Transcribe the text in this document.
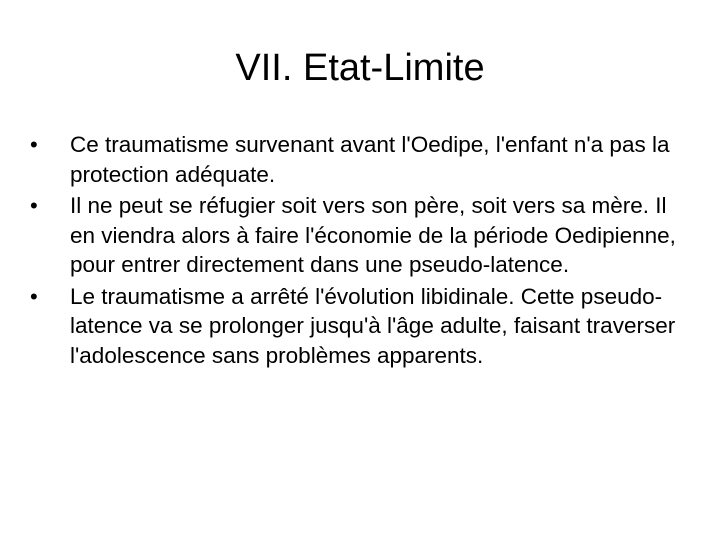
VII. Etat-Limite
•	Ce traumatisme survenant avant l'Oedipe, l'enfant n'a pas la protection adéquate.
•	Il ne peut se réfugier soit vers son père, soit vers sa mère. Il en viendra alors à faire l'économie de la période Oedipienne, pour entrer directement dans une pseudo-latence.
•	Le traumatisme a arrêté l'évolution libidinale. Cette pseudo-latence va se prolonger jusqu'à l'âge adulte, faisant traverser l'adolescence sans problèmes apparents.
